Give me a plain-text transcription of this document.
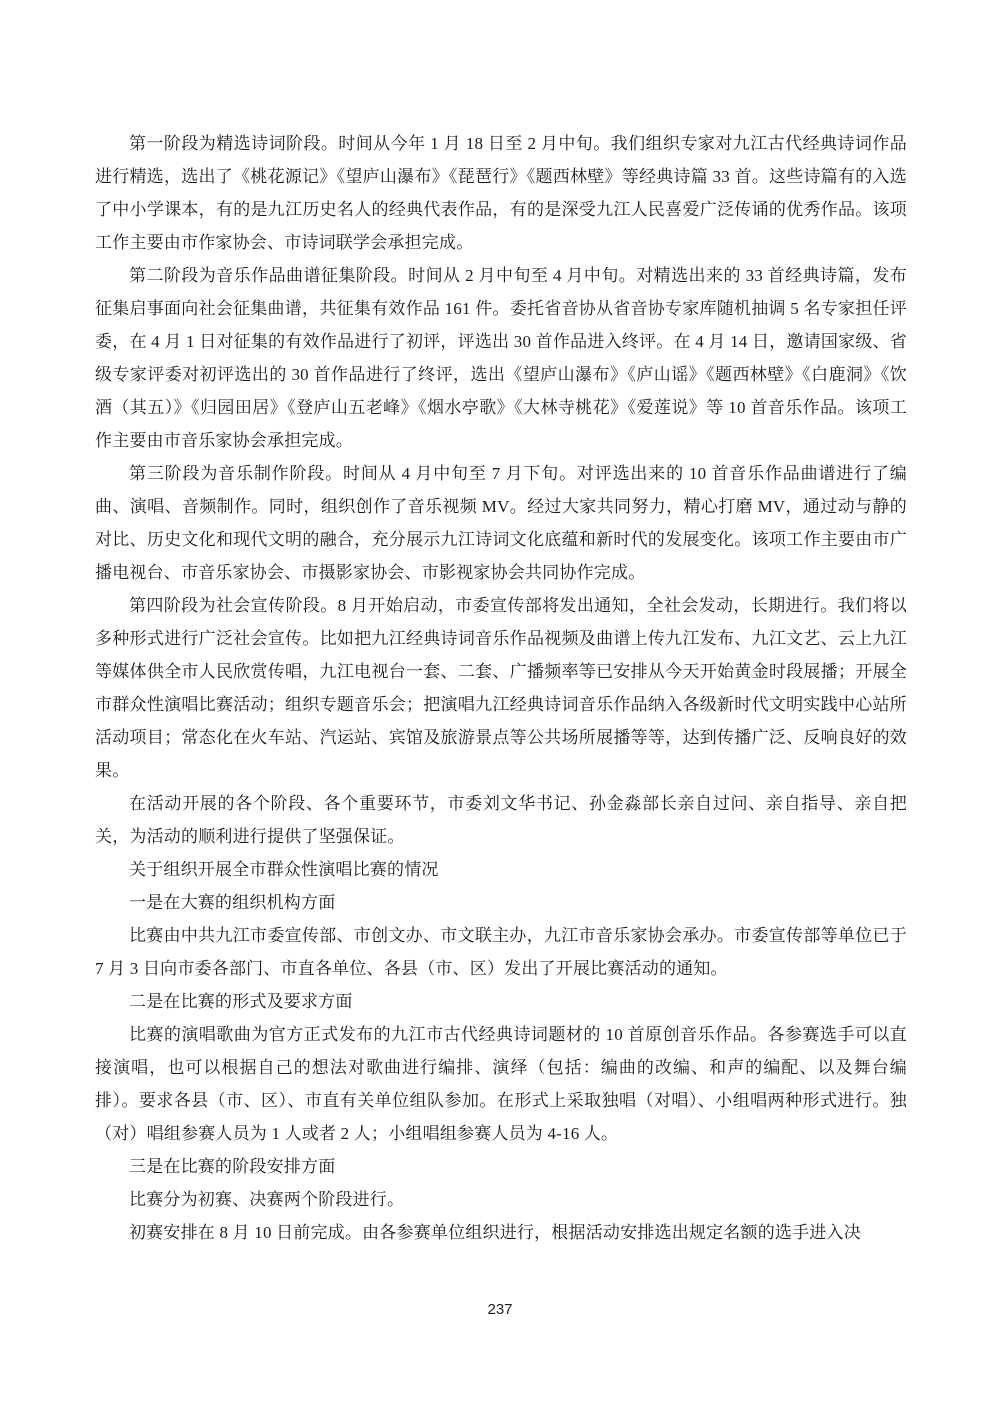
第一阶段为精选诗词阶段。时间从今年 1 月 18 日至 2 月中旬。我们组织专家对九江古代经典诗词作品进行精选，选出了《桃花源记》《望庐山瀑布》《琵琶行》《题西林壁》等经典诗篇 33 首。这些诗篇有的入选了中小学课本，有的是九江历史名人的经典代表作品，有的是深受九江人民喜爱广泛传诵的优秀作品。该项工作主要由市作家协会、市诗词联学会承担完成。

第二阶段为音乐作品曲谱征集阶段。时间从 2 月中旬至 4 月中旬。对精选出来的 33 首经典诗篇，发布征集启事面向社会征集曲谱，共征集有效作品 161 件。委托省音协从省音协专家库随机抽调 5 名专家担任评委，在 4 月 1 日对征集的有效作品进行了初评，评选出 30 首作品进入终评。在 4 月 14 日，邀请国家级、省级专家评委对初评选出的 30 首作品进行了终评，选出《望庐山瀑布》《庐山谣》《题西林壁》《白鹿洞》《饮酒（其五）》《归园田居》《登庐山五老峰》《烟水亭歌》《大林寺桃花》《爱莲说》等 10 首音乐作品。该项工作主要由市音乐家协会承担完成。

第三阶段为音乐制作阶段。时间从 4 月中旬至 7 月下旬。对评选出来的 10 首音乐作品曲谱进行了编曲、演唱、音频制作。同时，组织创作了音乐视频 MV。经过大家共同努力，精心打磨 MV，通过动与静的对比、历史文化和现代文明的融合，充分展示九江诗词文化底蕴和新时代的发展变化。该项工作主要由市广播电视台、市音乐家协会、市摄影家协会、市影视家协会共同协作完成。

第四阶段为社会宣传阶段。8 月开始启动，市委宣传部将发出通知，全社会发动，长期进行。我们将以多种形式进行广泛社会宣传。比如把九江经典诗词音乐作品视频及曲谱上传九江发布、九江文艺、云上九江等媒体供全市人民欣赏传唱，九江电视台一套、二套、广播频率等已安排从今天开始黄金时段展播；开展全市群众性演唱比赛活动；组织专题音乐会；把演唱九江经典诗词音乐作品纳入各级新时代文明实践中心站所活动项目；常态化在火车站、汽运站、宾馆及旅游景点等公共场所展播等等，达到传播广泛、反响良好的效果。

在活动开展的各个阶段、各个重要环节，市委刘文华书记、孙金淼部长亲自过问、亲自指导、亲自把关，为活动的顺利进行提供了坚强保证。

关于组织开展全市群众性演唱比赛的情况

一是在大赛的组织机构方面

比赛由中共九江市委宣传部、市创文办、市文联主办，九江市音乐家协会承办。市委宣传部等单位已于 7 月 3 日向市委各部门、市直各单位、各县（市、区）发出了开展比赛活动的通知。

二是在比赛的形式及要求方面

比赛的演唱歌曲为官方正式发布的九江市古代经典诗词题材的 10 首原创音乐作品。各参赛选手可以直接演唱，也可以根据自己的想法对歌曲进行编排、演绎（包括：编曲的改编、和声的编配、以及舞台编排）。要求各县（市、区）、市直有关单位组队参加。在形式上采取独唱（对唱）、小组唱两种形式进行。独（对）唱组参赛人员为 1 人或者 2 人；小组唱组参赛人员为 4-16 人。

三是在比赛的阶段安排方面

比赛分为初赛、决赛两个阶段进行。

初赛安排在 8 月 10 日前完成。由各参赛单位组织进行，根据活动安排选出规定名额的选手进入决

237
